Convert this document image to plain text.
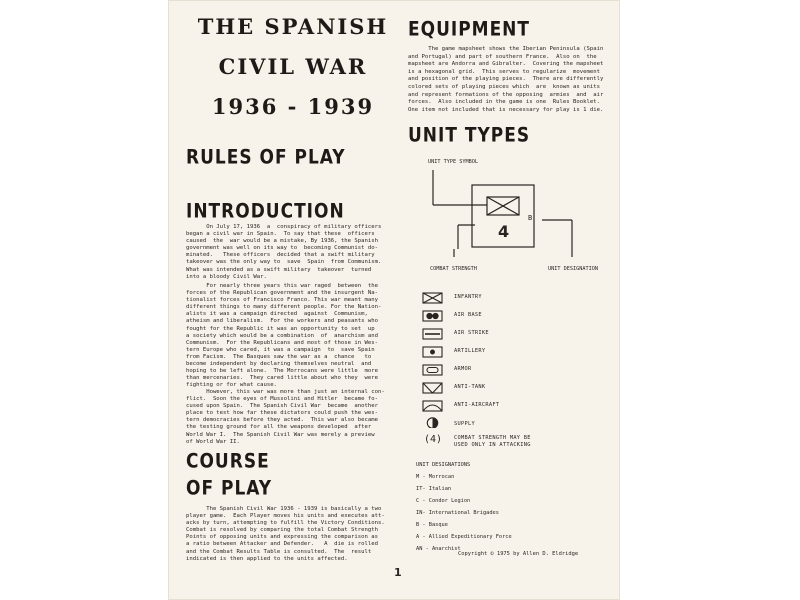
THE SPANISH
CIVIL WAR
1936 - 1939
RULES OF PLAY
INTRODUCTION
On July 17, 1936  a  conspiracy of military officers
began a civil war in Spain.  To say that these  officers
caused  the  war would be a mistake, By 1936, the Spanish
government was well on its way to  becoming Communist do-
minated.   These officers  decided that a swift military
takeover was the only way to  save  Spain  from Communism.
What was intended as a swift military  takeover  turned
into a bloody Civil War.
For nearly three years this war raged  between  the
forces of the Republican government and the insurgent Na-
tionalist forces of Francisco Franco. This war meant many
different things to many different people. For the Nation-
alists it was a campaign directed  against  Communism,
atheism and liberalism.  For the workers and peasants who
fought for the Republic it was an opportunity to set  up
a society which would be a combination  of  anarchism and
Communism.  For the Republicans and most of those in Wes-
tern Europe who cared, it was a campaign  to  save Spain
from Facism.  The Basques saw the war as a  chance   to
become independent by declaring themselves neutral  and
hoping to be left alone.  The Morrocans were little  more
than mercenaries.  They cared little about who they  were
fighting or for what cause.
However, this war was more than just an internal con-
flict.  Soon the eyes of Mussolini and Hitler  became fo-
cused upon Spain.  The Spanish Civil War  became  another
place to test how far these dictators could push the wes-
tern democracies before they acted.  This war also became
the testing ground for all the weapons developed  after
World War I.  The Spanish Civil War was merely a preview
of World War II.
COURSE
OF PLAY
The Spanish Civil War 1936 - 1939 is basically a two
player game.  Each Player moves his units and executes att-
acks by turn, attempting to fulfill the Victory Conditions.
Combat is resolved by comparing the total Combat Strength
Points of opposing units and expressing the comparison as
a ratio between Attacker and Defender.   A  die is rolled
and the Combat Results Table is consulted.  The  result
indicated is then applied to the units affected.
1
EQUIPMENT
The game mapsheet shows the Iberian Peninsula (Spain
and Portugal) and part of southern France.  Also on  the
mapsheet are Andorra and Gibralter.  Covering the mapsheet
is a hexagonal grid.  This serves to regularize  movement
and position of the playing pieces.  There are differently
colored sets of playing pieces which  are  known as units
and represent formations of the opposing  armies  and  air
forces.  Also included in the game is one  Rules Booklet.
One item not included that is necessary for play is 1 die.
UNIT TYPES
UNIT TYPE SYMBOL
COMBAT STRENGTH	UNIT DESIGNATION
4
B
INFANTRY
AIR BASE
AIR STRIKE
ARTILLERY
ARMOR
ANTI-TANK
ANTI-AIRCRAFT
SUPPLY
(4) COMBAT STRENGTH MAY BE
USED ONLY IN ATTACKING
UNIT DESIGNATIONS
M - Morrocan
IT- Italian
C - Condor Legion
IN- International Brigades
B - Basque
A - Allied Expeditionary Force
AN - Anarchist
Copyright © 1975 by Allen D. Eldridge
